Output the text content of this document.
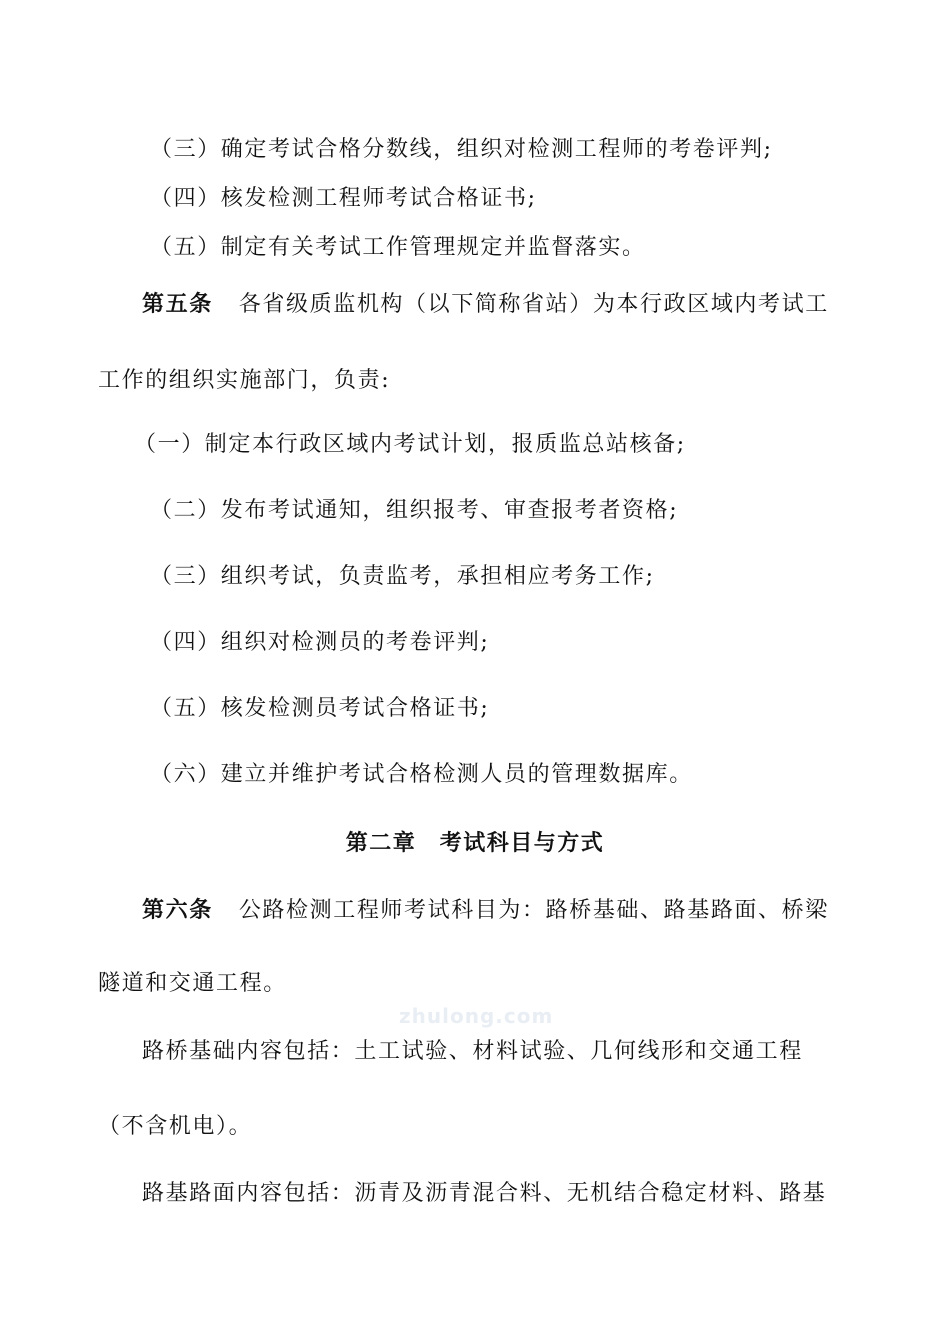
（三）确定考试合格分数线，组织对检测工程师的考卷评判;
（四）核发检测工程师考试合格证书;
（五）制定有关考试工作管理规定并监督落实。
第五条 各省级质监机构（以下简称省站）为本行政区域内考试工
工作的组织实施部门，负责:
（一）制定本行政区域内考试计划，报质监总站核备;
（二）发布考试通知，组织报考、审查报考者资格;
（三）组织考试，负责监考，承担相应考务工作;
（四）组织对检测员的考卷评判;
（五）核发检测员考试合格证书;
（六）建立并维护考试合格检测人员的管理数据库。
第二章　考试科目与方式
第六条 公路检测工程师考试科目为：路桥基础、路基路面、桥梁
隧道和交通工程。
zhulong.com
路桥基础内容包括：土工试验、材料试验、几何线形和交通工程
（不含机电）。
路基路面内容包括：沥青及沥青混合料、无机结合稳定材料、路基
